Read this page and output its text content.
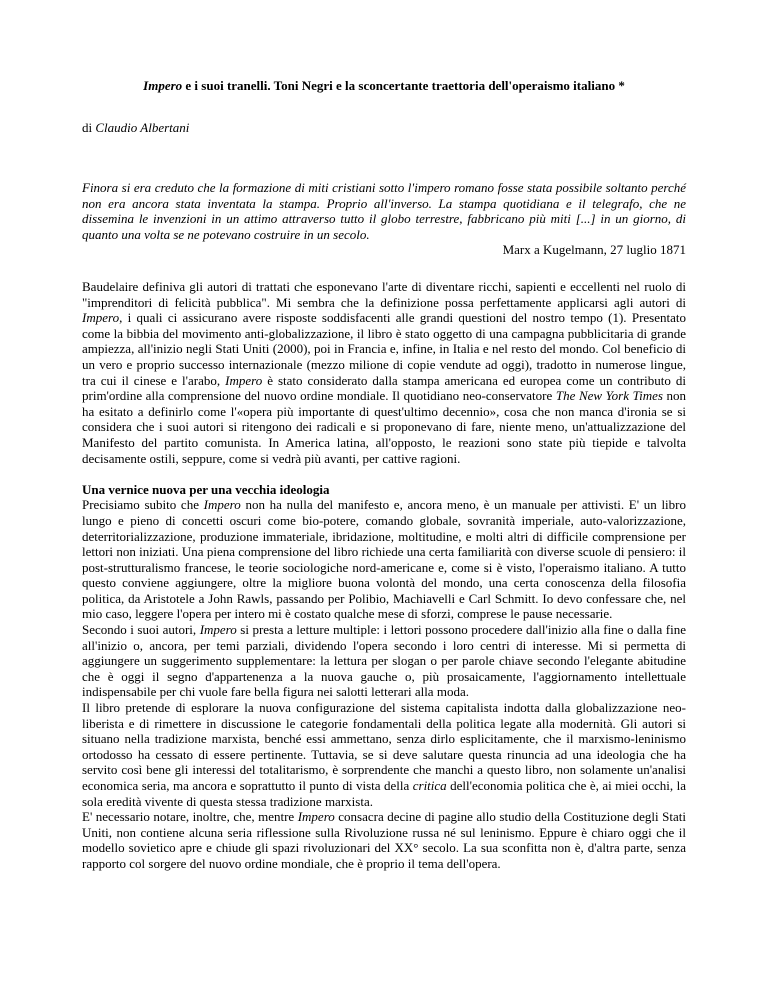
Impero e i suoi tranelli. Toni Negri e la sconcertante traettoria dell'operaismo italiano *
di Claudio Albertani
Finora si era creduto che la formazione di miti cristiani sotto l'impero romano fosse stata possibile soltanto perché non era ancora stata inventata la stampa. Proprio all'inverso. La stampa quotidiana e il telegrafo, che ne dissemina le invenzioni in un attimo attraverso tutto il globo terrestre, fabbricano più miti [...] in un giorno, di quanto una volta se ne potevano costruire in un secolo.
Marx a Kugelmann, 27 luglio 1871

Baudelaire definiva gli autori di trattati che esponevano l'arte di diventare ricchi, sapienti e eccellenti nel ruolo di "imprenditori di felicità pubblica". Mi sembra che la definizione possa perfettamente applicarsi agli autori di Impero, i quali ci assicurano avere risposte soddisfacenti alle grandi questioni del nostro tempo (1). Presentato come la bibbia del movimento anti-globalizzazione, il libro è stato oggetto di una campagna pubblicitaria di grande ampiezza, all'inizio negli Stati Uniti (2000), poi in Francia e, infine, in Italia e nel resto del mondo. Col beneficio di un vero e proprio successo internazionale (mezzo milione di copie vendute ad oggi), tradotto in numerose lingue, tra cui il cinese e l'arabo, Impero è stato considerato dalla stampa americana ed europea come un contributo di prim'ordine alla comprensione del nuovo ordine mondiale. Il quotidiano neo-conservatore The New York Times non ha esitato a definirlo come l'«opera più importante di quest'ultimo decennio», cosa che non manca d'ironia se si considera che i suoi autori si ritengono dei radicali e si proponevano di fare, niente meno, un'attualizzazione del Manifesto del partito comunista. In America latina, all'opposto, le reazioni sono state più tiepide e talvolta decisamente ostili, seppure, come si vedrà più avanti, per cattive ragioni.

Una vernice nuova per una vecchia ideologia

Precisiamo subito che Impero non ha nulla del manifesto e, ancora meno, è un manuale per attivisti. E' un libro lungo e pieno di concetti oscuri come bio-potere, comando globale, sovranità imperiale, auto-valorizzazione, deterritorializzazione, produzione immateriale, ibridazione, moltitudine, e molti altri di difficile comprensione per lettori non iniziati. Una piena comprensione del libro richiede una certa familiarità con diverse scuole di pensiero: il post-strutturalismo francese, le teorie sociologiche nord-americane e, come si è visto, l'operaismo italiano. A tutto questo conviene aggiungere, oltre la migliore buona volontà del mondo, una certa conoscenza della filosofia politica, da Aristotele a John Rawls, passando per Polibio, Machiavelli e Carl Schmitt. Io devo confessare che, nel mio caso, leggere l'opera per intero mi è costato qualche mese di sforzi, comprese le pause necessarie.

Secondo i suoi autori, Impero si presta a letture multiple: i lettori possono procedere dall'inizio alla fine o dalla fine all'inizio o, ancora, per temi parziali, dividendo l'opera secondo i loro centri di interesse. Mi si permetta di aggiungere un suggerimento supplementare: la lettura per slogan o per parole chiave secondo l'elegante abitudine che è oggi il segno d'appartenenza a la nuova gauche o, più prosaicamente, l'aggiornamento intellettuale indispensabile per chi vuole fare bella figura nei salotti letterari alla moda.

Il libro pretende di esplorare la nuova configurazione del sistema capitalista indotta dalla globalizzazione neo-liberista e di rimettere in discussione le categorie fondamentali della politica legate alla modernità. Gli autori si situano nella tradizione marxista, benché essi ammettano, senza dirlo esplicitamente, che il marxismo-leninismo ortodosso ha cessato di essere pertinente. Tuttavia, se si deve salutare questa rinuncia ad una ideologia che ha servito così bene gli interessi del totalitarismo, è sorprendente che manchi a questo libro, non solamente un'analisi economica seria, ma ancora e soprattutto il punto di vista della critica dell'economia politica che è, ai miei occhi, la sola eredità vivente di questa stessa tradizione marxista.

E' necessario notare, inoltre, che, mentre Impero consacra decine di pagine allo studio della Costituzione degli Stati Uniti, non contiene alcuna seria riflessione sulla Rivoluzione russa né sul leninismo. Eppure è chiaro oggi che il modello sovietico apre e chiude gli spazi rivoluzionari del XX° secolo. La sua sconfitta non è, d'altra parte, senza rapporto col sorgere del nuovo ordine mondiale, che è proprio il tema dell'opera.
